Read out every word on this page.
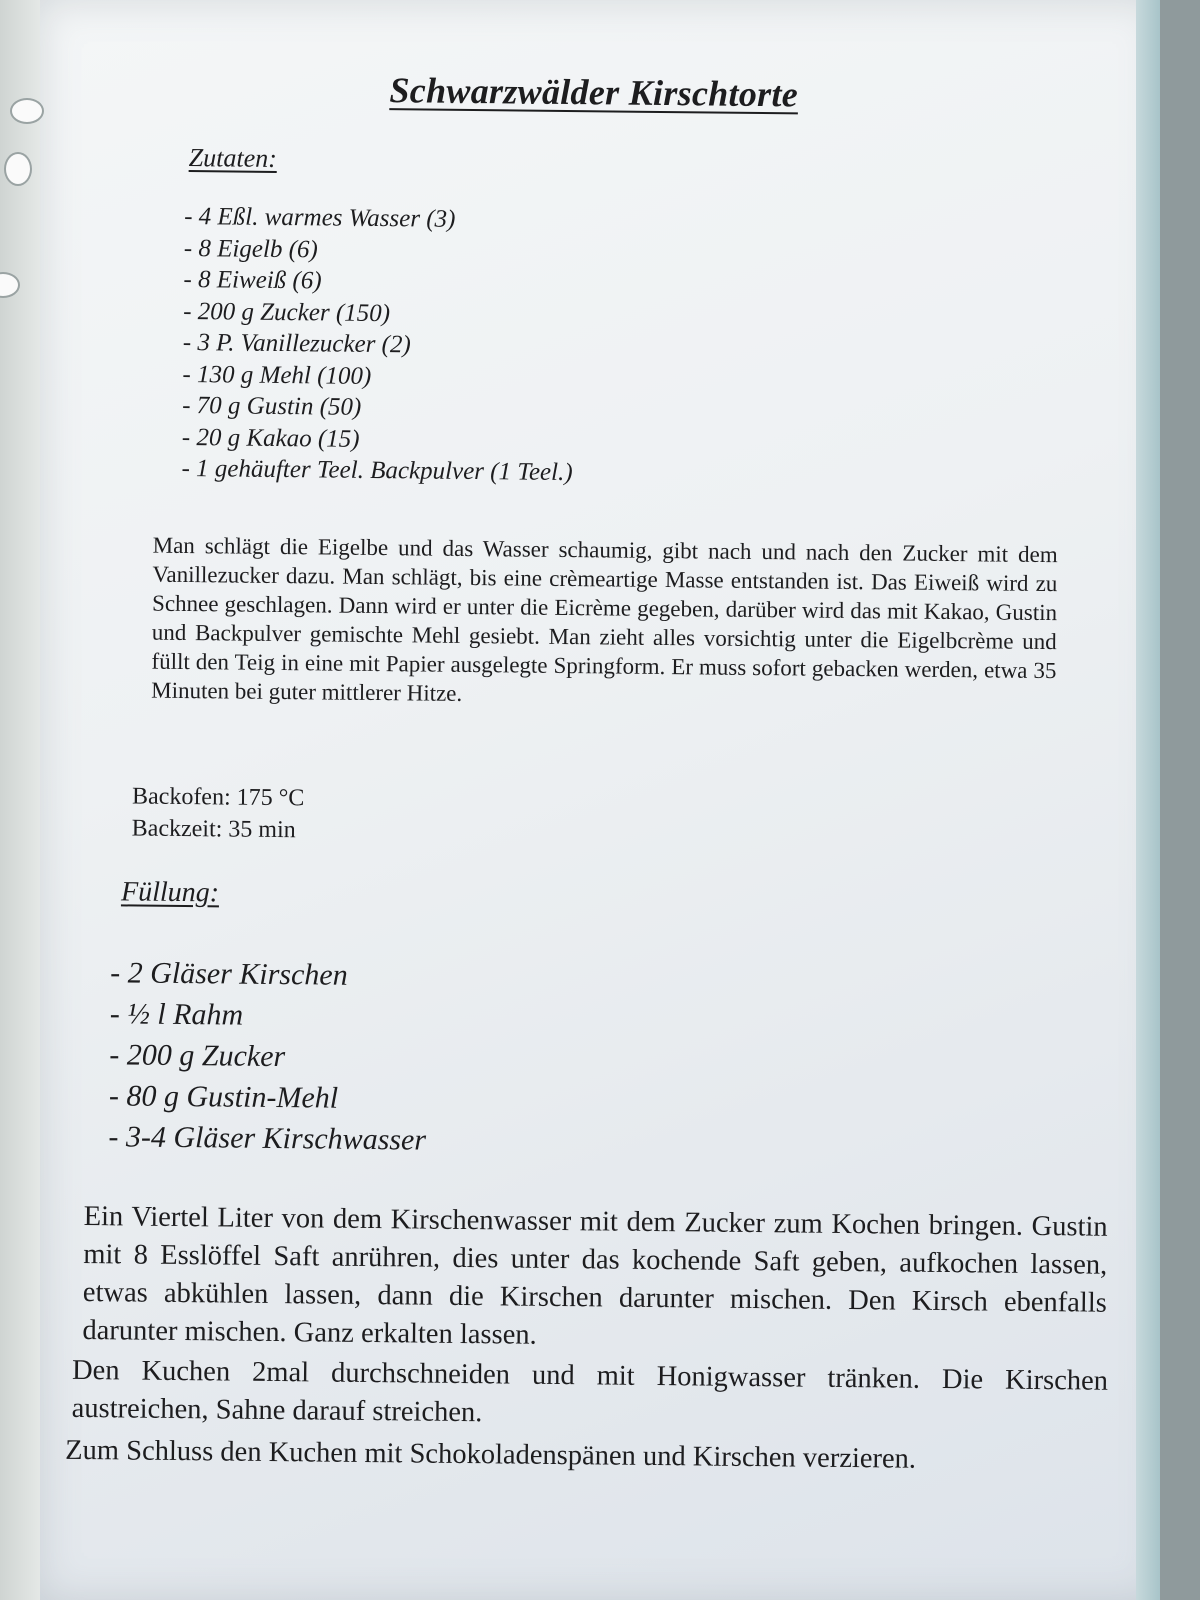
Schwarzwälder Kirschtorte

Zutaten:

- 4 Eßl. warmes Wasser (3)
- 8 Eigelb (6)
- 8 Eiweiß (6)
- 200 g Zucker (150)
- 3 P. Vanillezucker (2)
- 130 g Mehl (100)
- 70 g Gustin (50)
- 20 g Kakao (15)
- 1 gehäufter Teel. Backpulver (1 Teel.)

Man schlägt die Eigelbe und das Wasser schaumig, gibt nach und nach den Zucker mit dem Vanillezucker dazu. Man schlägt, bis eine crèmeartige Masse entstanden ist. Das Eiweiß wird zu Schnee geschlagen. Dann wird er unter die Eicrème gegeben, darüber wird das mit Kakao, Gustin und Backpulver gemischte Mehl gesiebt. Man zieht alles vorsichtig unter die Eigelbcrème und füllt den Teig in eine mit Papier ausgelegte Springform. Er muss sofort gebacken werden, etwa 35 Minuten bei guter mittlerer Hitze.

Backofen: 175 °C
Backzeit: 35 min

Füllung:

- 2 Gläser Kirschen
- ½ l Rahm
- 200 g Zucker
- 80 g Gustin-Mehl
- 3-4 Gläser Kirschwasser

Ein Viertel Liter von dem Kirschenwasser mit dem Zucker zum Kochen bringen. Gustin mit 8 Esslöffel Saft anrühren, dies unter das kochende Saft geben, aufkochen lassen, etwas abkühlen lassen, dann die Kirschen darunter mischen. Den Kirsch ebenfalls darunter mischen. Ganz erkalten lassen.

Den Kuchen 2mal durchschneiden und mit Honigwasser tränken. Die Kirschen austreichen, Sahne darauf streichen.

Zum Schluss den Kuchen mit Schokoladenspänen und Kirschen verzieren.
